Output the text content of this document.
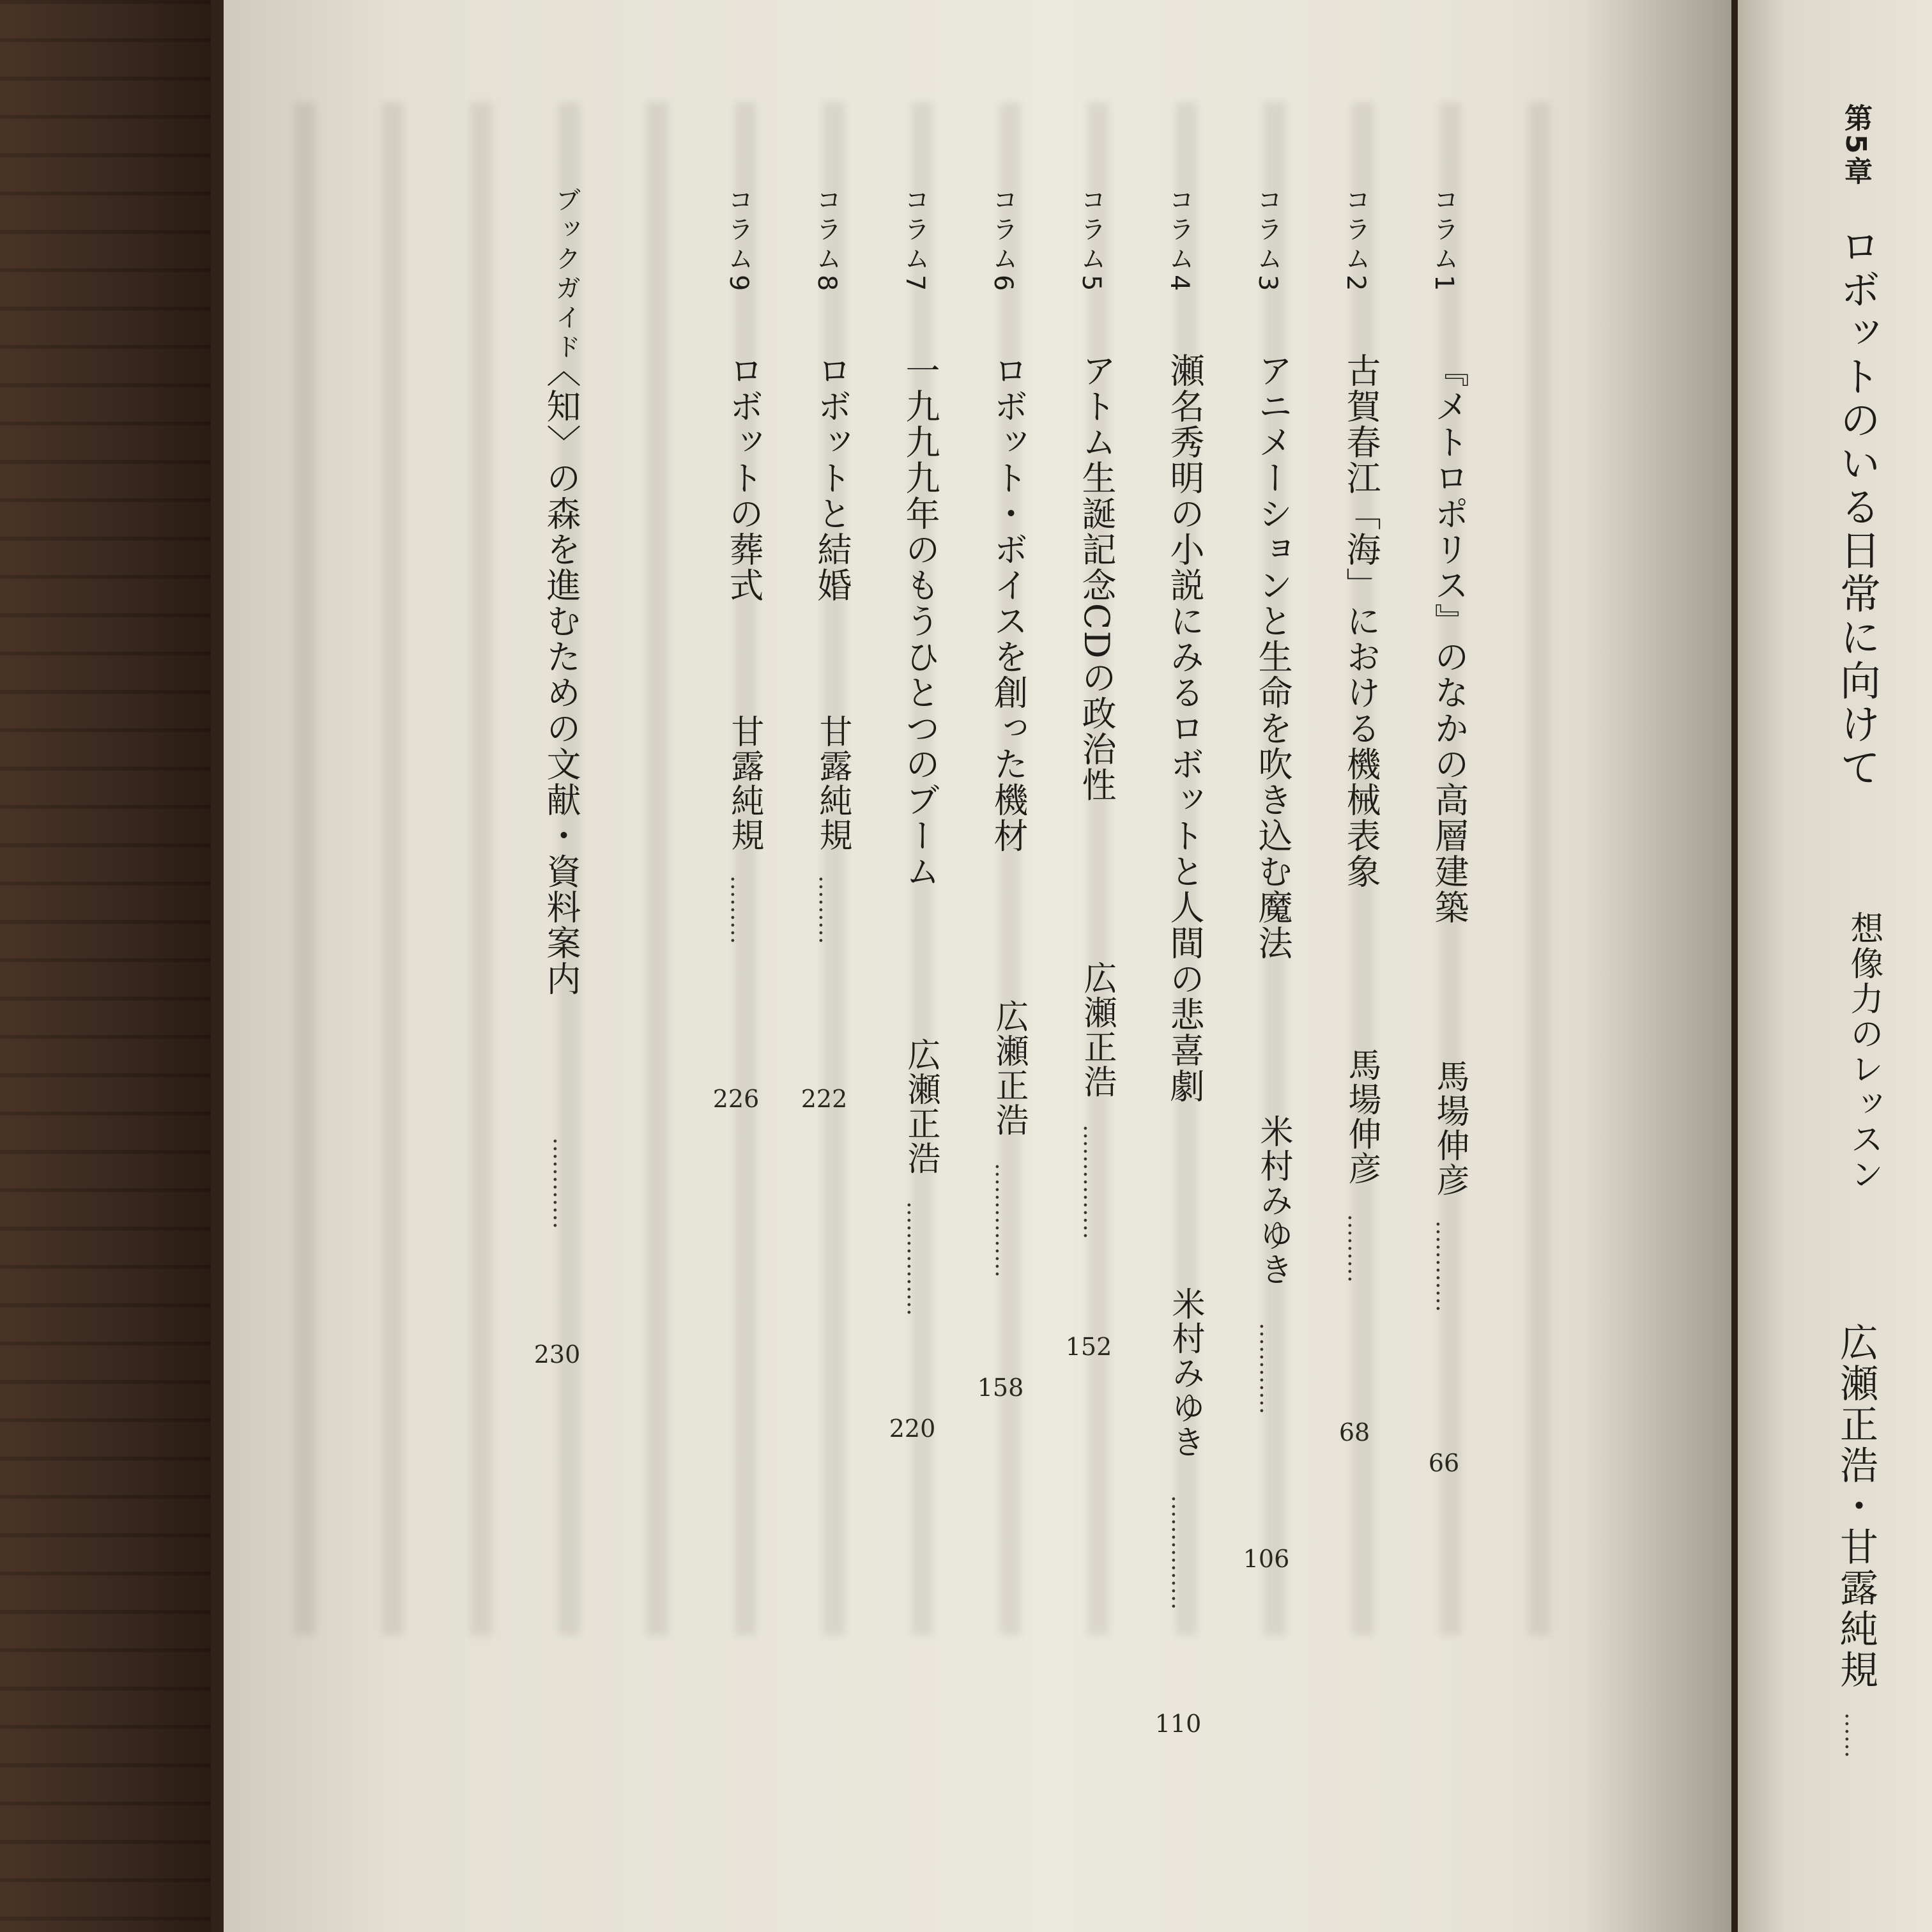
コラム1
『メトロポリス』のなかの高層建築
馬場伸彦
…………
66
コラム2
古賀春江「海」における機械表象
馬場伸彦
………
68
コラム3
アニメーションと生命を吹き込む魔法
米村みゆき
…………
106
コラム4
瀬名秀明の小説にみるロボットと人間の悲喜劇
米村みゆき
……………
110
コラム5
アトム生誕記念CDの政治性
広瀬正浩
……………
152
コラム6
ロボット・ボイスを創った機材
広瀬正浩
……………
158
コラム7
一九九九年のもうひとつのブーム
広瀬正浩
……………
220
コラム8
ロボットと結婚
甘露純規
………
222
コラム9
ロボットの葬式
甘露純規
………
226
ブックガイド
〈知〉の森を進むための文献・資料案内
…………
230
第5章
ロボットのいる日常に向けて
想像力のレッスン
広瀬正浩・甘露純規
……
